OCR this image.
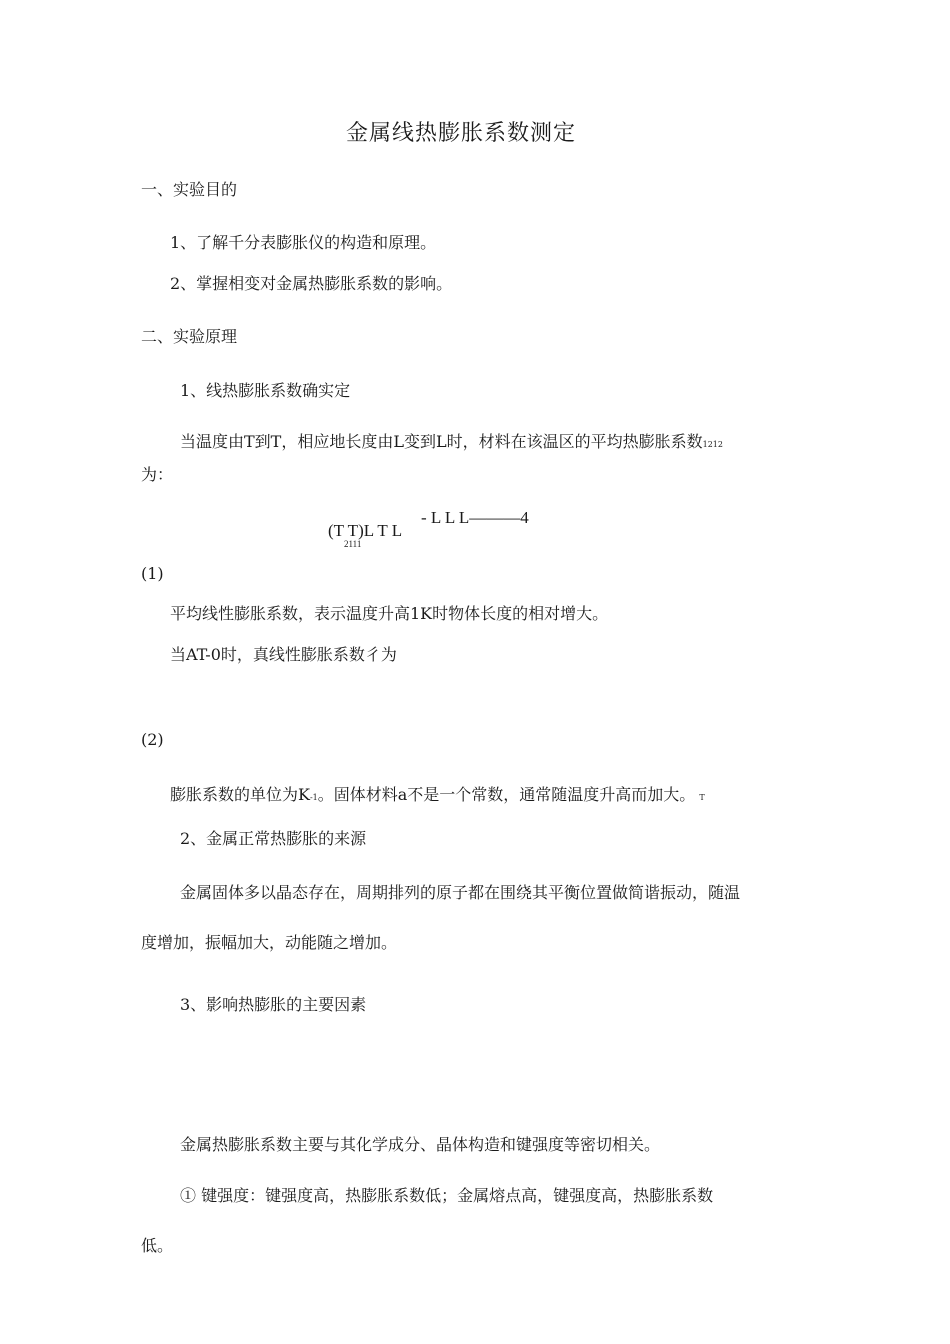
金属线热膨胀系数测定
一、实验目的
1、了解千分表膨胀仪的构造和原理。
2、掌握相变对金属热膨胀系数的影响。
二、实验原理
1、线热膨胀系数确实定
当温度由T到T，相应地长度由L变到L时，材料在该温区的平均热膨胀系数1212
为：
- L L L———4
(T T)L T L
2111
(1)
平均线性膨胀系数，表示温度升高1K时物体长度的相对增大。
当AT-0时，真线性膨胀系数彳为
(2)
膨胀系数的单位为K-1。固体材料a不是一个常数，通常随温度升高而加大。 T
2、金属正常热膨胀的来源
金属固体多以晶态存在，周期排列的原子都在围绕其平衡位置做简谐振动，随温
度增加，振幅加大，动能随之增加。
3、影响热膨胀的主要因素
金属热膨胀系数主要与其化学成分、晶体构造和键强度等密切相关。
① 键强度：键强度高，热膨胀系数低；金属熔点高，键强度高，热膨胀系数
低。
